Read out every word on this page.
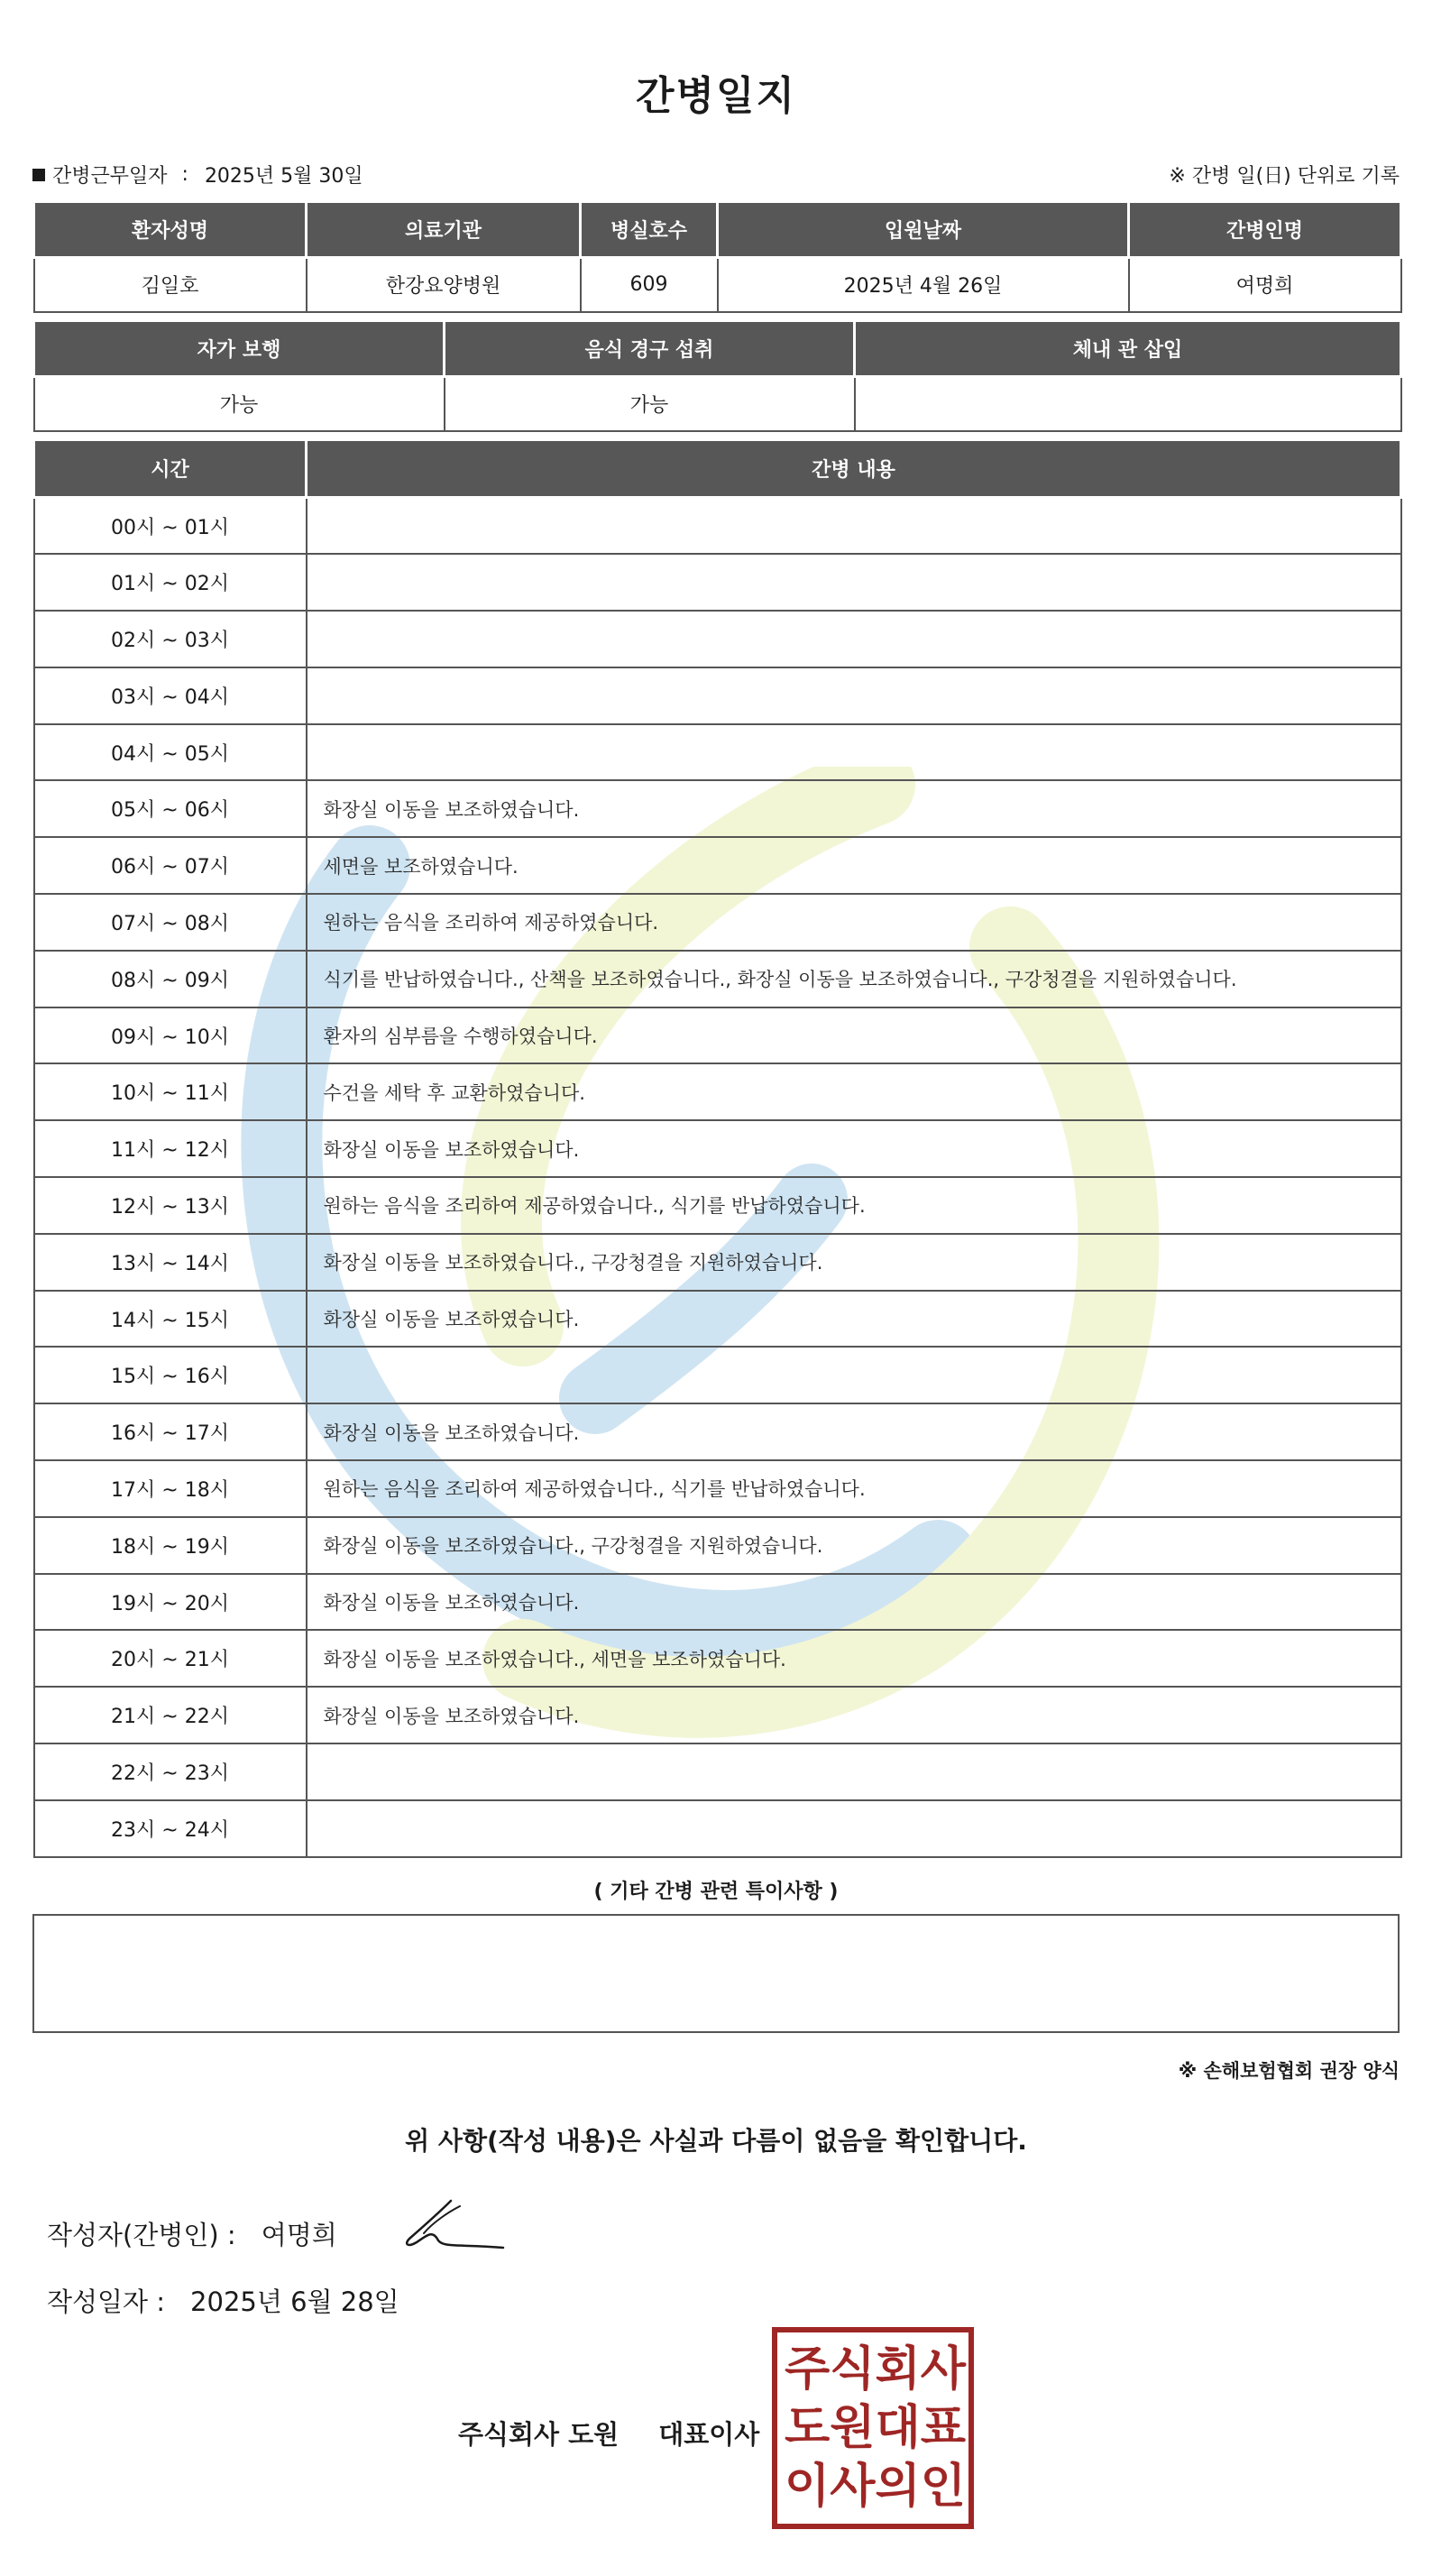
간병일지
간병근무일자 : 2025년 5월 30일	※ 간병 일(日) 단위로 기록
환자성명	의료기관	병실호수	입원날짜	간병인명
김일호	한강요양병원	609	2025년 4월 26일	여명희
자가 보행	음식 경구 섭취	체내 관 삽입
가능	가능	
시간	간병 내용
00시 ~ 01시	
01시 ~ 02시	
02시 ~ 03시	
03시 ~ 04시	
04시 ~ 05시	
05시 ~ 06시	화장실 이동을 보조하였습니다.
06시 ~ 07시	세면을 보조하였습니다.
07시 ~ 08시	원하는 음식을 조리하여 제공하였습니다.
08시 ~ 09시	식기를 반납하였습니다., 산책을 보조하였습니다., 화장실 이동을 보조하였습니다., 구강청결을 지원하였습니다.
09시 ~ 10시	환자의 심부름을 수행하였습니다.
10시 ~ 11시	수건을 세탁 후 교환하였습니다.
11시 ~ 12시	화장실 이동을 보조하였습니다.
12시 ~ 13시	원하는 음식을 조리하여 제공하였습니다., 식기를 반납하였습니다.
13시 ~ 14시	화장실 이동을 보조하였습니다., 구강청결을 지원하였습니다.
14시 ~ 15시	화장실 이동을 보조하였습니다.
15시 ~ 16시	
16시 ~ 17시	화장실 이동을 보조하였습니다.
17시 ~ 18시	원하는 음식을 조리하여 제공하였습니다., 식기를 반납하였습니다.
18시 ~ 19시	화장실 이동을 보조하였습니다., 구강청결을 지원하였습니다.
19시 ~ 20시	화장실 이동을 보조하였습니다.
20시 ~ 21시	화장실 이동을 보조하였습니다., 세면을 보조하였습니다.
21시 ~ 22시	화장실 이동을 보조하였습니다.
22시 ~ 23시	
23시 ~ 24시	
( 기타 간병 관련 특이사항 )
※ 손해보험협회 권장 양식
위 사항(작성 내용)은 사실과 다름이 없음을 확인합니다.
작성자(간병인) : 여명희
작성일자 : 2025년 6월 28일
주식회사 도원 대표이사
주 식 회 사
도 원 대 표
이 사 의 인
